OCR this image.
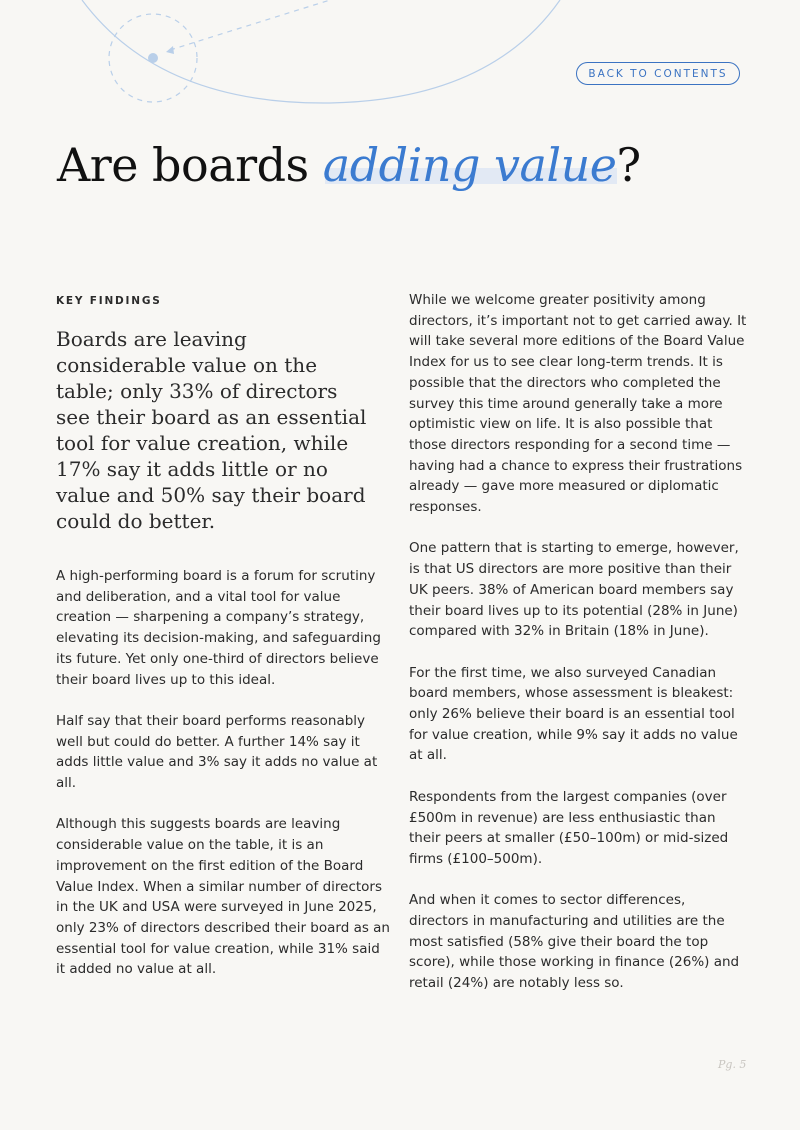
BACK TO CONTENTS
Are boards adding value?

KEY FINDINGS

Boards are leaving considerable value on the table; only 33% of directors see their board as an essential tool for value creation, while 17% say it adds little or no value and 50% say their board could do better.

A high-performing board is a forum for scrutiny and deliberation, and a vital tool for value creation — sharpening a company’s strategy, elevating its decision-making, and safeguarding its future. Yet only one-third of directors believe their board lives up to this ideal.

Half say that their board performs reasonably well but could do better. A further 14% say it adds little value and 3% say it adds no value at all.

Although this suggests boards are leaving considerable value on the table, it is an improvement on the first edition of the Board Value Index. When a similar number of directors in the UK and USA were surveyed in June 2025, only 23% of directors described their board as an essential tool for value creation, while 31% said it added no value at all.

While we welcome greater positivity among directors, it’s important not to get carried away. It will take several more editions of the Board Value Index for us to see clear long-term trends. It is possible that the directors who completed the survey this time around generally take a more optimistic view on life. It is also possible that those directors responding for a second time — having had a chance to express their frustrations already — gave more measured or diplomatic responses.

One pattern that is starting to emerge, however, is that US directors are more positive than their UK peers. 38% of American board members say their board lives up to its potential (28% in June) compared with 32% in Britain (18% in June).

For the first time, we also surveyed Canadian board members, whose assessment is bleakest: only 26% believe their board is an essential tool for value creation, while 9% say it adds no value at all.

Respondents from the largest companies (over £500m in revenue) are less enthusiastic than their peers at smaller (£50–100m) or mid-sized firms (£100–500m).

And when it comes to sector differences, directors in manufacturing and utilities are the most satisfied (58% give their board the top score), while those working in finance (26%) and retail (24%) are notably less so.

Pg. 5
